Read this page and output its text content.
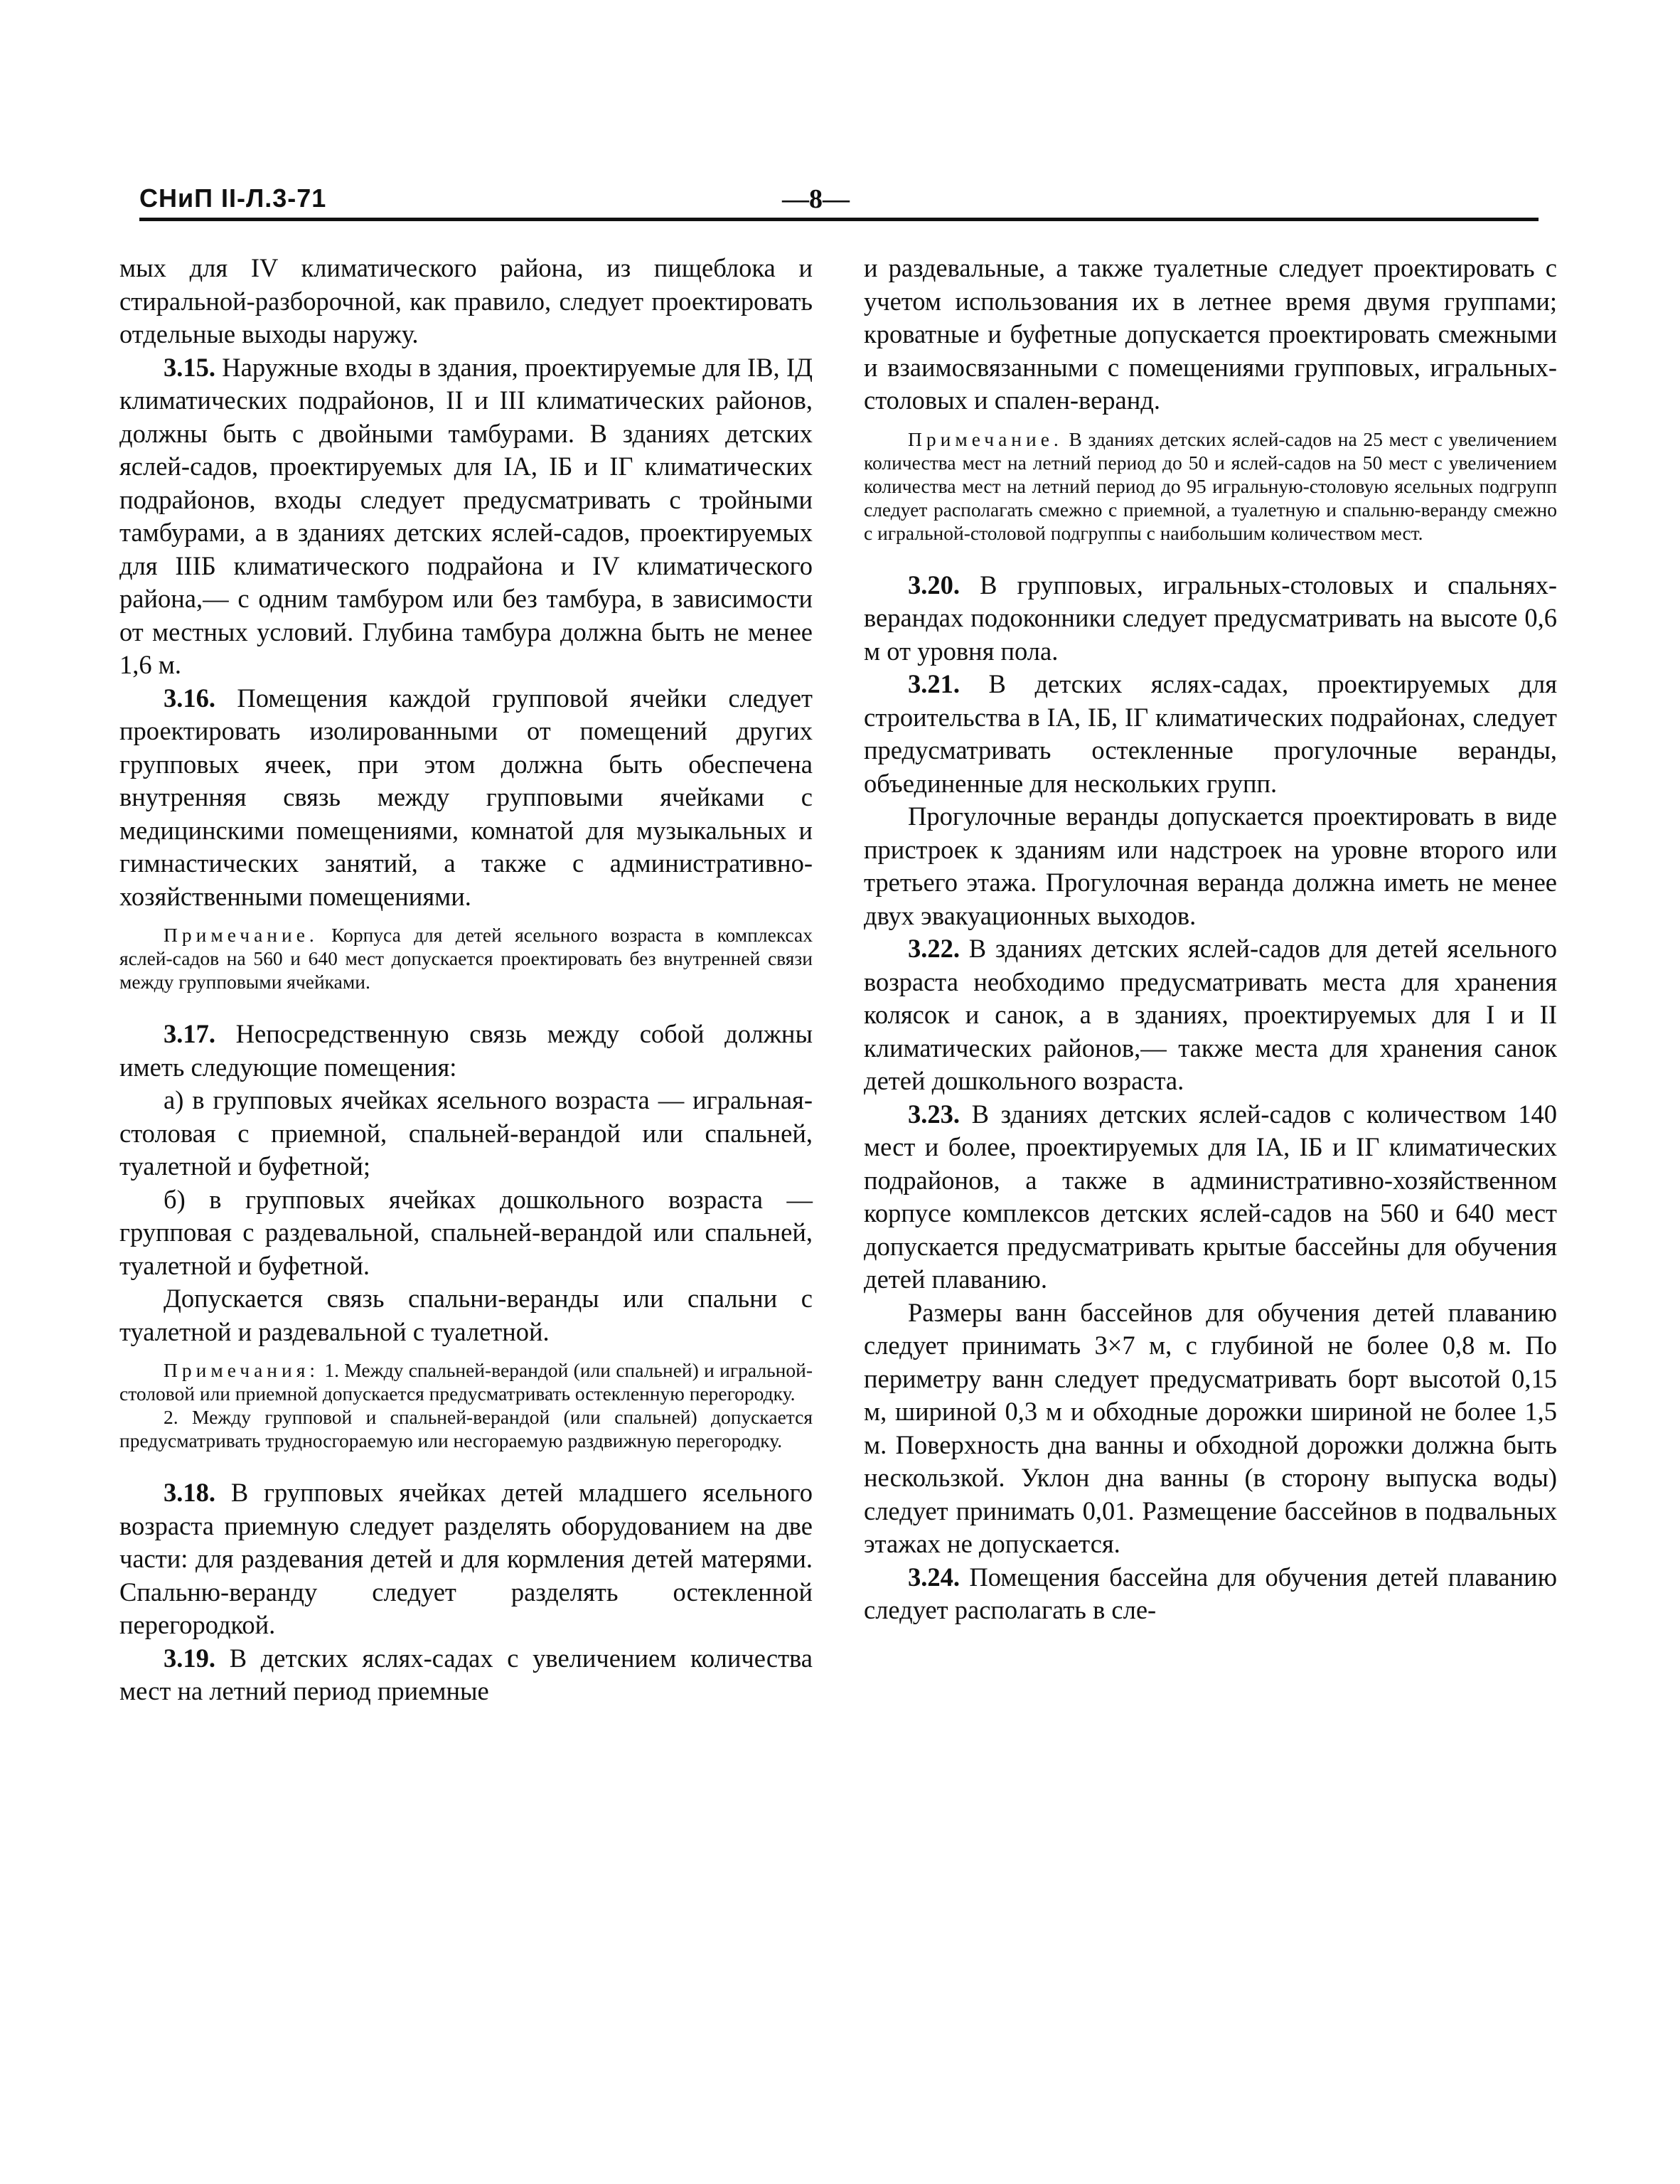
СНиП II-Л.3-71	—8—

мых для IV климатического района, из пищеблока и стиральной-разборочной, как правило, следует проектировать отдельные выходы наружу.

3.15. Наружные входы в здания, проектируемые для IB, IД климатических подрайонов, II и III климатических районов, должны быть с двойными тамбурами. В зданиях детских яслей-садов, проектируемых для IA, IБ и IГ климатических подрайонов, входы следует предусматривать с тройными тамбурами, а в зданиях детских яслей-садов, проектируемых для IIIБ климатического подрайона и IV климатического района,— с одним тамбуром или без тамбура, в зависимости от местных условий. Глубина тамбура должна быть не менее 1,6 м.

3.16. Помещения каждой групповой ячейки следует проектировать изолированными от помещений других групповых ячеек, при этом должна быть обеспечена внутренняя связь между групповыми ячейками с медицинскими помещениями, комнатой для музыкальных и гимнастических занятий, а также с административно-хозяйственными помещениями.

Примечание. Корпуса для детей ясельного возраста в комплексах яслей-садов на 560 и 640 мест допускается проектировать без внутренней связи между групповыми ячейками.

3.17. Непосредственную связь между собой должны иметь следующие помещения:

а) в групповых ячейках ясельного возраста — игральная-столовая с приемной, спальней-верандой или спальней, туалетной и буфетной;

б) в групповых ячейках дошкольного возраста — групповая с раздевальной, спальней-верандой или спальней, туалетной и буфетной.

Допускается связь спальни-веранды или спальни с туалетной и раздевальной с туалетной.

Примечания: 1. Между спальней-верандой (или спальней) и игральной-столовой или приемной допускается предусматривать остекленную перегородку.

2. Между групповой и спальней-верандой (или спальней) допускается предусматривать трудносгораемую или несгораемую раздвижную перегородку.

3.18. В групповых ячейках детей младшего ясельного возраста приемную следует разделять оборудованием на две части: для раздевания детей и для кормления детей матерями. Спальню-веранду следует разделять остекленной перегородкой.

3.19. В детских яслях-садах с увеличением количества мест на летний период приемные

и раздевальные, а также туалетные следует проектировать с учетом использования их в летнее время двумя группами; кроватные и буфетные допускается проектировать смежными и взаимосвязанными с помещениями групповых, игральных-столовых и спален-веранд.

Примечание. В зданиях детских яслей-садов на 25 мест с увеличением количества мест на летний период до 50 и яслей-садов на 50 мест с увеличением количества мест на летний период до 95 игральную-столовую ясельных подгрупп следует располагать смежно с приемной, а туалетную и спальню-веранду смежно с игральной-столовой подгруппы с наибольшим количеством мест.

3.20. В групповых, игральных-столовых и спальнях-верандах подоконники следует предусматривать на высоте 0,6 м от уровня пола.

3.21. В детских яслях-садах, проектируемых для строительства в IA, IБ, IГ климатических подрайонах, следует предусматривать остекленные прогулочные веранды, объединенные для нескольких групп.

Прогулочные веранды допускается проектировать в виде пристроек к зданиям или надстроек на уровне второго или третьего этажа. Прогулочная веранда должна иметь не менее двух эвакуационных выходов.

3.22. В зданиях детских яслей-садов для детей ясельного возраста необходимо предусматривать места для хранения колясок и санок, а в зданиях, проектируемых для I и II климатических районов,— также места для хранения санок детей дошкольного возраста.

3.23. В зданиях детских яслей-садов с количеством 140 мест и более, проектируемых для IA, IБ и IГ климатических подрайонов, а также в административно-хозяйственном корпусе комплексов детских яслей-садов на 560 и 640 мест допускается предусматривать крытые бассейны для обучения детей плаванию.

Размеры ванн бассейнов для обучения детей плаванию следует принимать 3×7 м, с глубиной не более 0,8 м. По периметру ванн следует предусматривать борт высотой 0,15 м, шириной 0,3 м и обходные дорожки шириной не более 1,5 м. Поверхность дна ванны и обходной дорожки должна быть нескользкой. Уклон дна ванны (в сторону выпуска воды) следует принимать 0,01. Размещение бассейнов в подвальных этажах не допускается.

3.24. Помещения бассейна для обучения детей плаванию следует располагать в сле-
